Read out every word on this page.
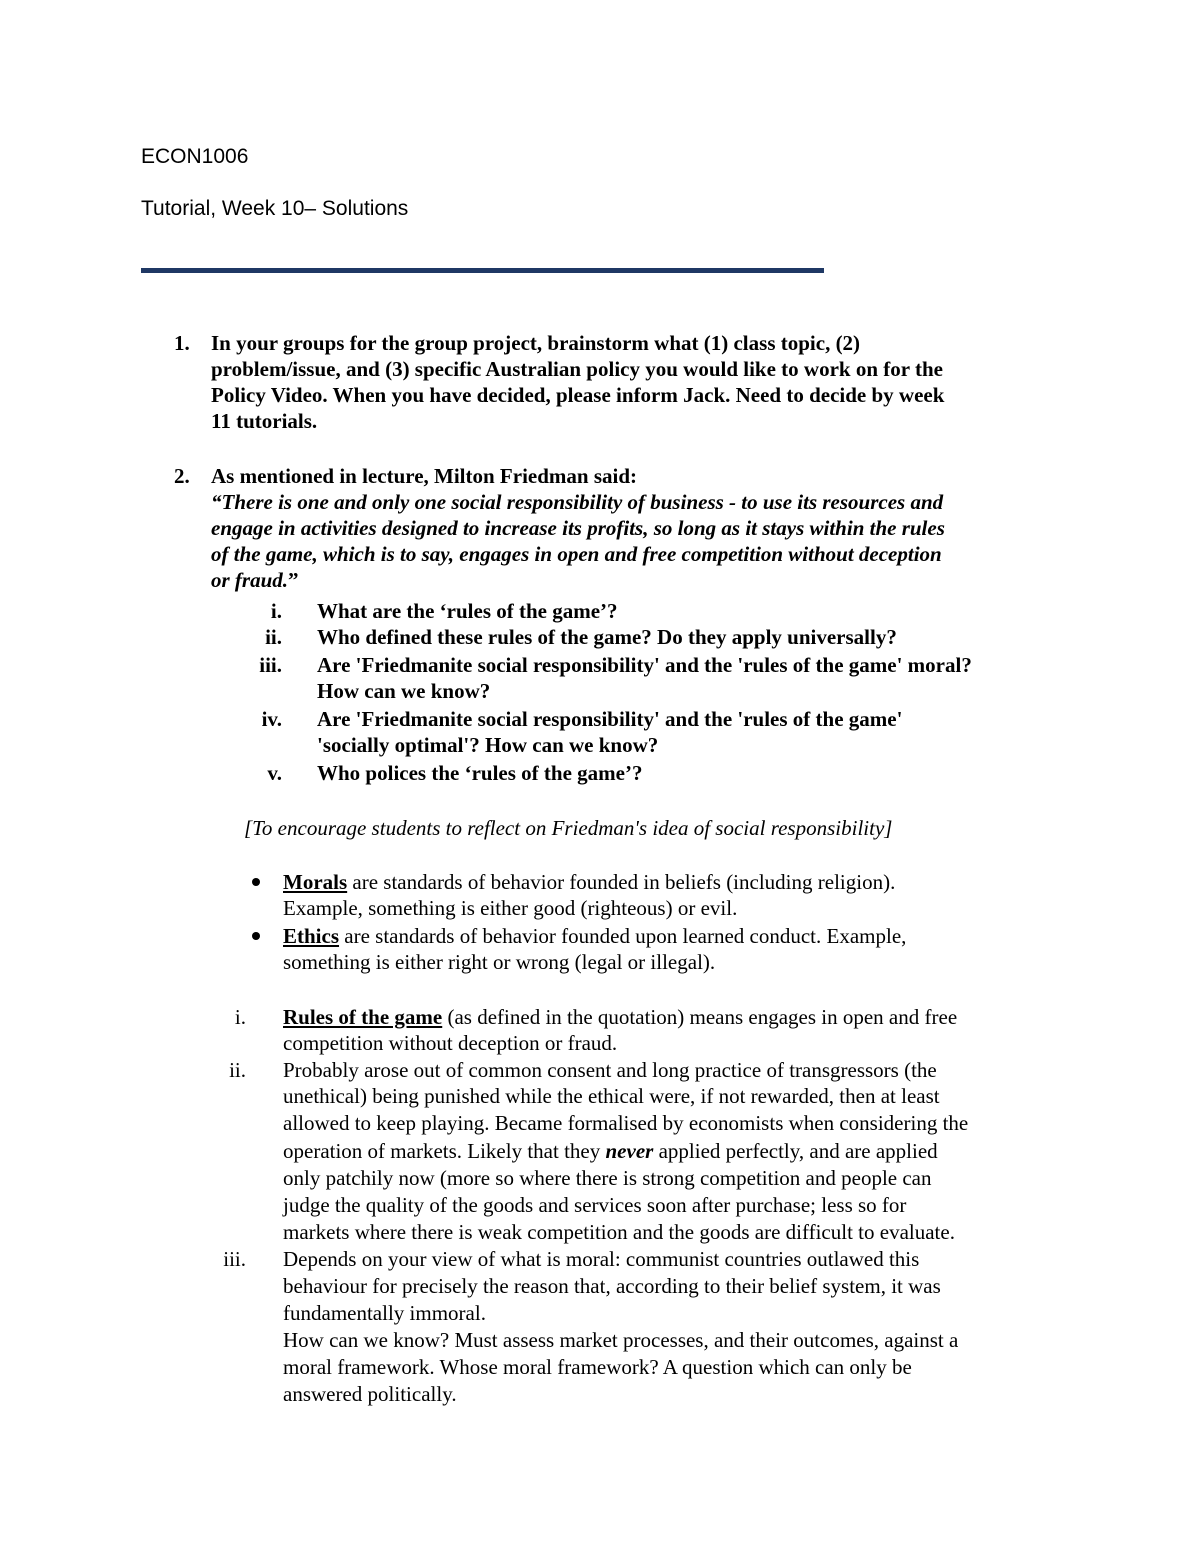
ECON1006
Tutorial, Week 10– Solutions
1. In your groups for the group project, brainstorm what (1) class topic, (2)
problem/issue, and (3) specific Australian policy you would like to work on for the
Policy Video. When you have decided, please inform Jack. Need to decide by week
11 tutorials.
2. As mentioned in lecture, Milton Friedman said:
“There is one and only one social responsibility of business - to use its resources and
engage in activities designed to increase its profits, so long as it stays within the rules
of the game, which is to say, engages in open and free competition without deception
or fraud.”
i. What are the ‘rules of the game’?
ii. Who defined these rules of the game? Do they apply universally?
iii. Are 'Friedmanite social responsibility' and the 'rules of the game' moral?
How can we know?
iv. Are 'Friedmanite social responsibility' and the 'rules of the game'
'socially optimal'? How can we know?
v. Who polices the ‘rules of the game’?
[To encourage students to reflect on Friedman's idea of social responsibility]
Morals are standards of behavior founded in beliefs (including religion).
Example, something is either good (righteous) or evil.
Ethics are standards of behavior founded upon learned conduct. Example,
something is either right or wrong (legal or illegal).
i. Rules of the game (as defined in the quotation) means engages in open and free
competition without deception or fraud.
ii. Probably arose out of common consent and long practice of transgressors (the
unethical) being punished while the ethical were, if not rewarded, then at least
allowed to keep playing. Became formalised by economists when considering the
operation of markets. Likely that they never applied perfectly, and are applied
only patchily now (more so where there is strong competition and people can
judge the quality of the goods and services soon after purchase; less so for
markets where there is weak competition and the goods are difficult to evaluate.
iii. Depends on your view of what is moral: communist countries outlawed this
behaviour for precisely the reason that, according to their belief system, it was
fundamentally immoral.
How can we know? Must assess market processes, and their outcomes, against a
moral framework. Whose moral framework? A question which can only be
answered politically.
